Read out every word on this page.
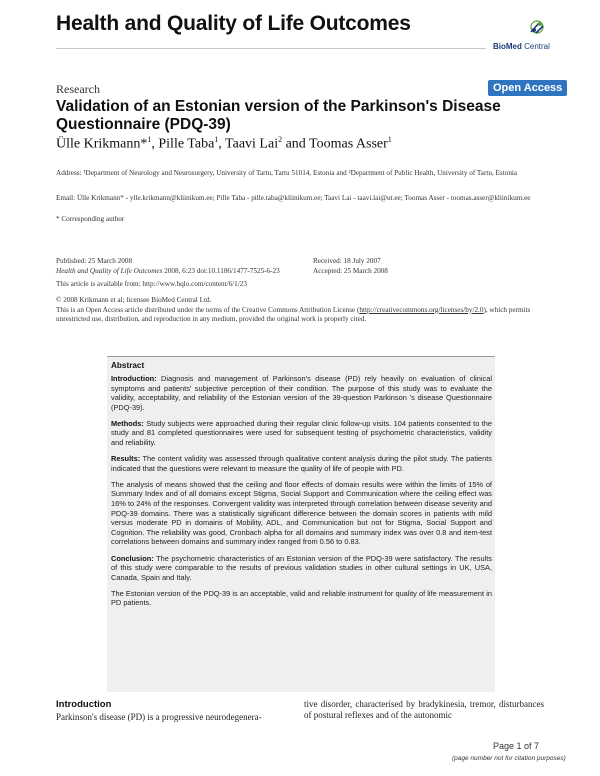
Health and Quality of Life Outcomes
BioMed Central
Research	Open Access
Validation of an Estonian version of the Parkinson's Disease Questionnaire (PDQ-39)
Ülle Krikmann*$^1$, Pille Taba$^1$, Taavi Lai$^2$ and Toomas Asser$^1$
Address: ¹Department of Neurology and Neurosurgery, University of Tartu, Tartu 51014, Estonia and ²Department of Public Health, University of Tartu, Estonia
Email: Ülle Krikmann* - ylle.krikmann@kliinikum.ee; Pille Taba - pille.taba@kliinikum.ee; Taavi Lai - taavi.lai@ut.ee; Toomas Asser - toomas.asser@kliinikum.ee
* Corresponding author
Published: 25 March 2008
Health and Quality of Life Outcomes 2008, 6:23 doi:10.1186/1477-7525-6-23
Received: 18 July 2007
Accepted: 25 March 2008
This article is available from: http://www.hqlo.com/content/6/1/23
© 2008 Krikmann et al; licensee BioMed Central Ltd.
This is an Open Access article distributed under the terms of the Creative Commons Attribution License (http://creativecommons.org/licenses/by/2.0), which permits unrestricted use, distribution, and reproduction in any medium, provided the original work is properly cited.
Abstract

Introduction: Diagnosis and management of Parkinson's disease (PD) rely heavily on evaluation of clinical symptoms and patients' subjective perception of their condition. The purpose of this study was to evaluate the validity, acceptability, and reliability of the Estonian version of the 39-question Parkinson 's disease Questionnaire (PDQ-39).

Methods: Study subjects were approached during their regular clinic follow-up visits. 104 patients consented to the study and 81 completed questionnaires were used for subsequent testing of psychometric characteristics, validity and reliability.

Results: The content validity was assessed through qualitative content analysis during the pilot study. The patients indicated that the questions were relevant to measure the quality of life of people with PD.

The analysis of means showed that the ceiling and floor effects of domain results were within the limits of 15% of Summary Index and of all domains except Stigma, Social Support and Communication where the ceiling effect was 16% to 24% of the responses. Convergent validity was interpreted through correlation between disease severity and PDQ-39 domains. There was a statistically significant difference between the domain scores in patients with mild versus moderate PD in domains of Mobility, ADL, and Communication but not for Stigma, Social Support and Cognition. The reliability was good, Cronbach alpha for all domains and summary index was over 0.8 and item-test correlations between domains and summary index ranged from 0.56 to 0.83.

Conclusion: The psychometric characteristics of an Estonian version of the PDQ-39 were satisfactory. The results of this study were comparable to the results of previous validation studies in other cultural settings in UK, USA, Canada, Spain and Italy.

The Estonian version of the PDQ-39 is an acceptable, valid and reliable instrument for quality of life measurement in PD patients.

Introduction
Parkinson's disease (PD) is a progressive neurodegenera-
tive disorder, characterised by bradykinesia, tremor, disturbances of postural reflexes and of the autonomic
Page 1 of 7
(page number not for citation purposes)
